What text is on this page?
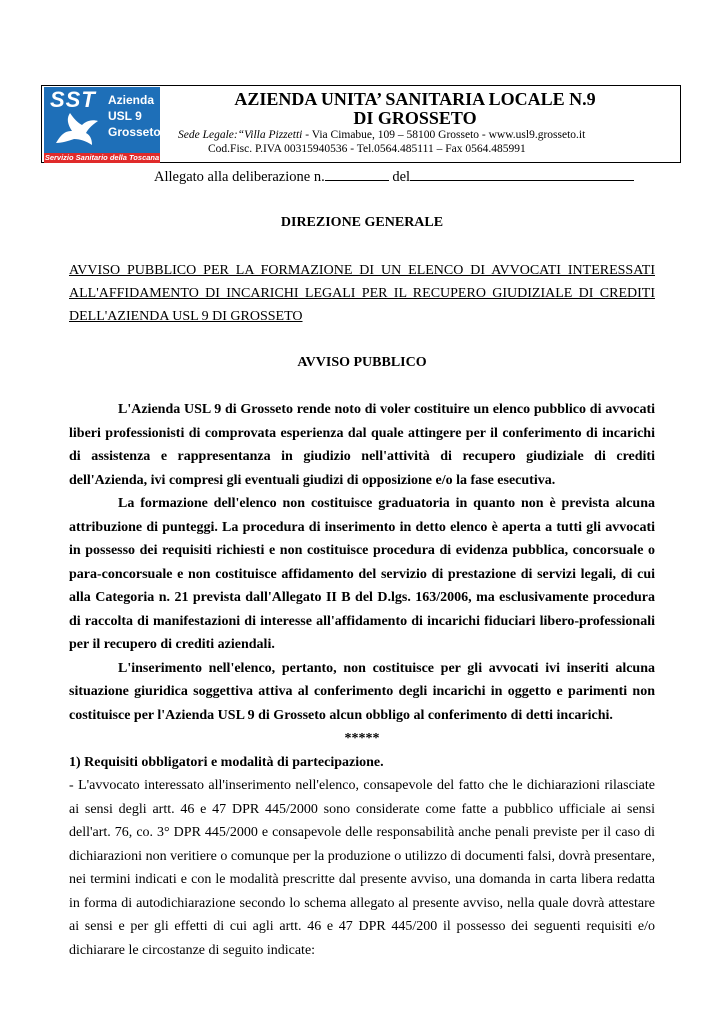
SST Azienda
USL 9
Grosseto
Servizio Sanitario della Toscana
AZIENDA UNITA’ SANITARIA LOCALE N.9
DI GROSSETO
Sede Legale:“Villa Pizzetti - Via Cimabue, 109 – 58100 Grosseto - www.usl9.grosseto.it
Cod.Fisc. P.IVA 00315940536 - Tel.0564.485111 – Fax 0564.485991
Allegato alla deliberazione n.	del
DIREZIONE GENERALE
AVVISO PUBBLICO PER LA FORMAZIONE DI UN ELENCO DI AVVOCATI INTERESSATI
ALL'AFFIDAMENTO DI INCARICHI LEGALI PER IL RECUPERO GIUDIZIALE DI CREDITI
DELL'AZIENDA USL 9 DI GROSSETO
AVVISO PUBBLICO
L'Azienda USL 9 di Grosseto rende noto di voler costituire un elenco pubblico di avvocati liberi professionisti di comprovata esperienza dal quale attingere per il conferimento di incarichi di assistenza e rappresentanza in giudizio nell'attività di recupero giudiziale di crediti dell'Azienda, ivi compresi gli eventuali giudizi di opposizione e/o la fase esecutiva.
La formazione dell'elenco non costituisce graduatoria in quanto non è prevista alcuna attribuzione di punteggi. La procedura di inserimento in detto elenco è aperta a tutti gli avvocati in possesso dei requisiti richiesti e non costituisce procedura di evidenza pubblica, concorsuale o para-concorsuale e non costituisce affidamento del servizio di prestazione di servizi legali, di cui alla Categoria n. 21 prevista dall'Allegato II B del D.lgs. 163/2006, ma esclusivamente procedura di raccolta di manifestazioni di interesse all'affidamento di incarichi fiduciari libero-professionali per il recupero di crediti aziendali.
L'inserimento nell'elenco, pertanto, non costituisce per gli avvocati ivi inseriti alcuna situazione giuridica soggettiva attiva al conferimento degli incarichi in oggetto e parimenti non costituisce per l'Azienda USL 9 di Grosseto alcun obbligo al conferimento di detti incarichi.
*****
1) Requisiti obbligatori e modalità di partecipazione.
- L'avvocato interessato all'inserimento nell'elenco, consapevole del fatto che le dichiarazioni rilasciate ai sensi degli artt. 46 e 47 DPR 445/2000 sono considerate come fatte a pubblico ufficiale ai sensi dell'art. 76, co. 3° DPR 445/2000 e consapevole delle responsabilità anche penali previste per il caso di dichiarazioni non veritiere o comunque per la produzione o utilizzo di documenti falsi, dovrà presentare, nei termini indicati e con le modalità prescritte dal presente avviso, una domanda in carta libera redatta in forma di autodichiarazione secondo lo schema allegato al presente avviso, nella quale dovrà attestare ai sensi e per gli effetti di cui agli artt. 46 e 47 DPR 445/200 il possesso dei seguenti requisiti e/o dichiarare le circostanze di seguito indicate:
